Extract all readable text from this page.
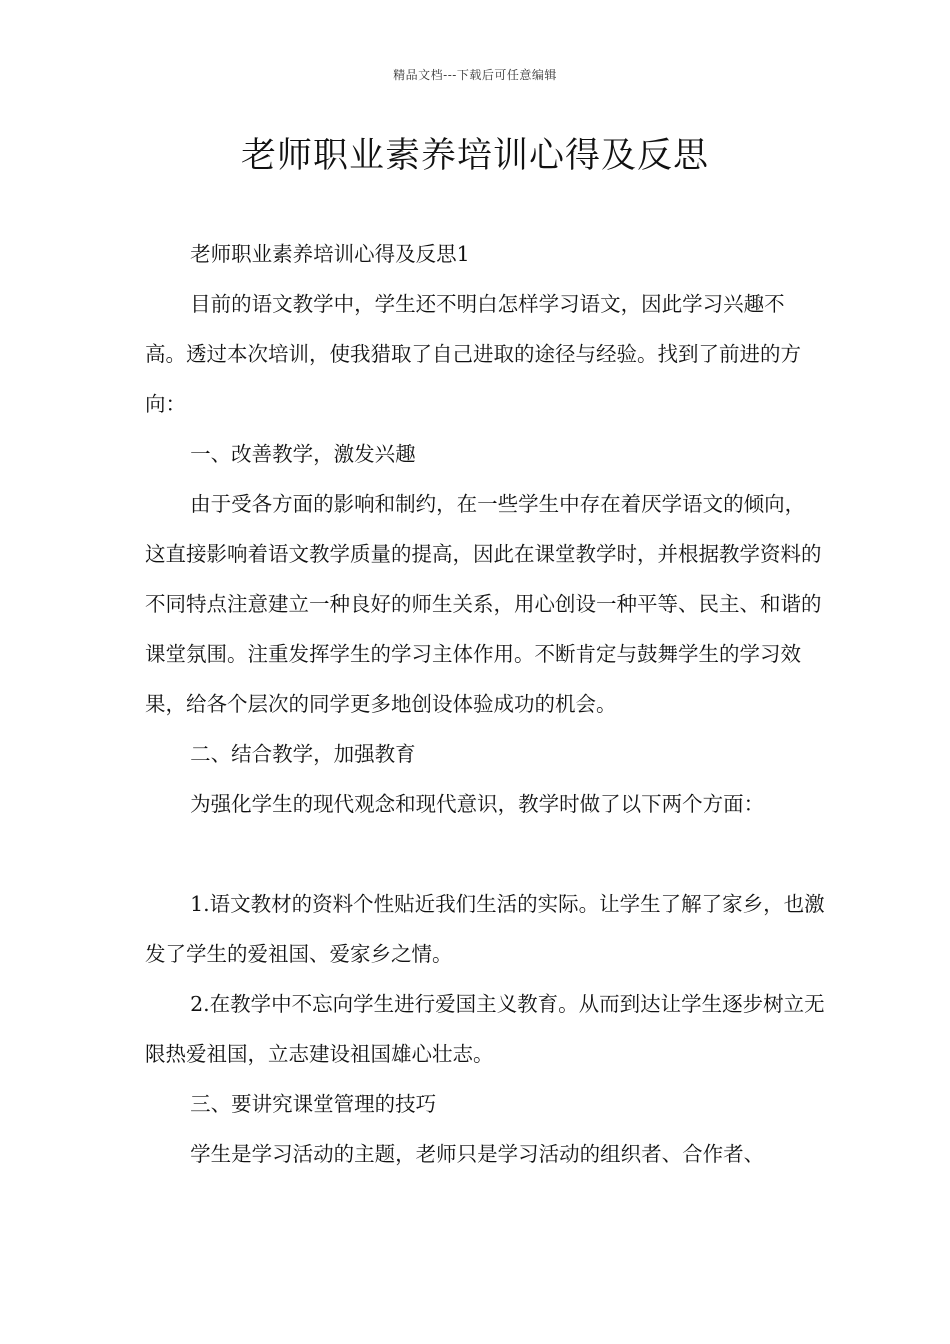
精品文档---下载后可任意编辑
老师职业素养培训心得及反思

老师职业素养培训心得及反思1

目前的语文教学中，学生还不明白怎样学习语文，因此学习兴趣不高。透过本次培训，使我猎取了自己进取的途径与经验。找到了前进的方向：

一、改善教学，激发兴趣

由于受各方面的影响和制约，在一些学生中存在着厌学语文的倾向，这直接影响着语文教学质量的提高，因此在课堂教学时，并根据教学资料的不同特点注意建立一种良好的师生关系，用心创设一种平等、民主、和谐的课堂氛围。注重发挥学生的学习主体作用。不断肯定与鼓舞学生的学习效果，给各个层次的同学更多地创设体验成功的机会。

二、结合教学，加强教育

为强化学生的现代观念和现代意识，教学时做了以下两个方面：

1.语文教材的资料个性贴近我们生活的实际。让学生了解了家乡，也激发了学生的爱祖国、爱家乡之情。

2.在教学中不忘向学生进行爱国主义教育。从而到达让学生逐步树立无限热爱祖国，立志建设祖国雄心壮志。

三、要讲究课堂管理的技巧

学生是学习活动的主题，老师只是学习活动的组织者、合作者、
